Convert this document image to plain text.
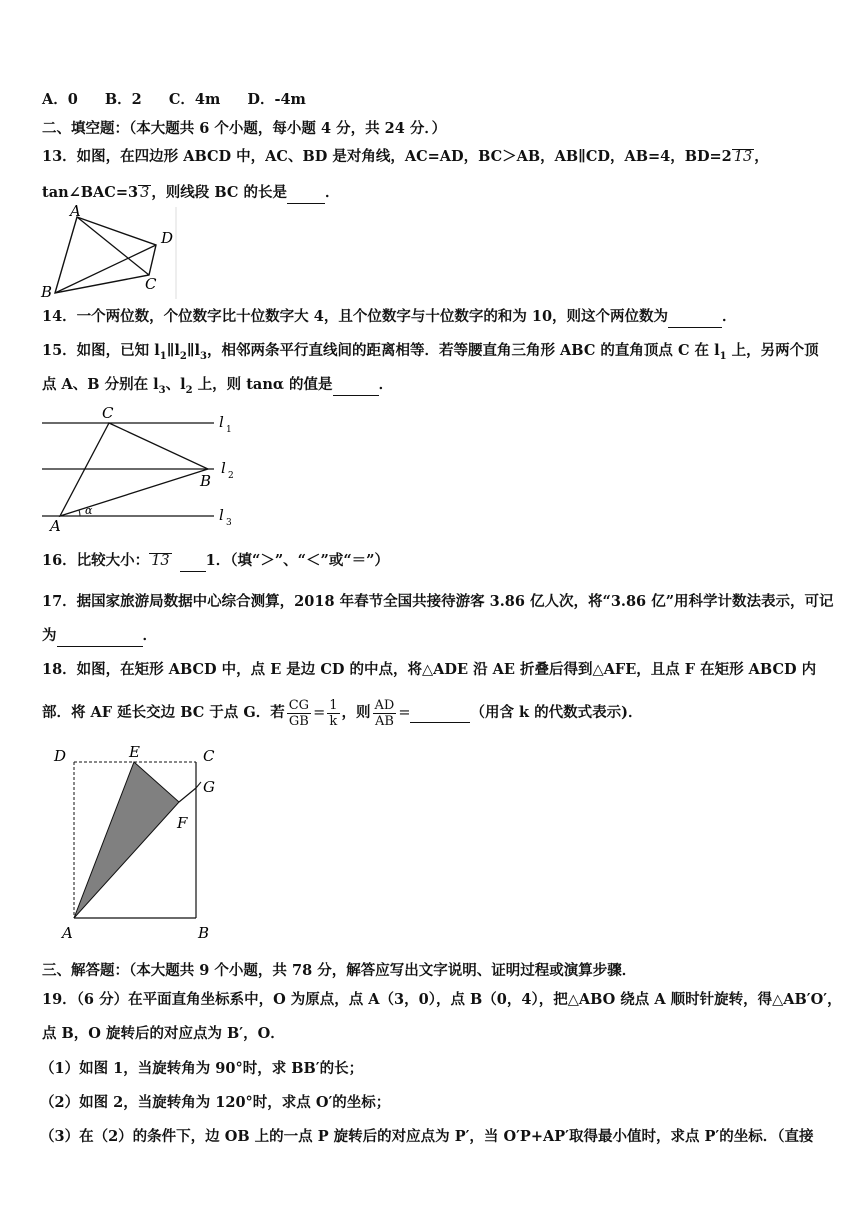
A．0 B．2 C．4m D．-4m
二、填空题：（本大题共 6 个小题，每小题 4 分，共 24 分．）
13．如图，在四边形 ABCD 中，AC、BD 是对角线，AC=AD，BC＞AB，AB∥CD，AB=4，BD=2 13 ，
tan∠BAC=3 3 ，则线段 BC 的长是	．
A
B	C
D
14．一个两位数，个位数字比十位数字大 4，且个位数字与十位数字的和为 10，则这个两位数为	．
15．如图，已知 $l_1\parallel l_2\parallel l_3$，相邻两条平行直线间的距离相等．若等腰直角三角形 ABC 的直角顶点 C 在 $l_1$ 上，另两个顶
点 A、B 分别在 $l_3$、$l_2$ 上，则 tanα 的值是	．
C
B
A
α
l 1
l 2
l 3
16．比较大小： 13 1．（填“＞”、“＜”或“＝”）
17．据国家旅游局数据中心综合测算，2018 年春节全国共接待游客 3.86 亿人次，将“3.86 亿”用科学计数法表示，可记
为	．
18．如图，在矩形 ABCD 中，点 E 是边 CD 的中点，将△ADE 沿 AE 折叠后得到△AFE，且点 F 在矩形 ABCD 内
部．将 AF 延长交边 BC 于点 G．若 $\frac{CG}{GB} = \frac{1}{k}$ ，则 $\frac{AD}{AB}$ =	（用含 k 的代数式表示)．
D	E	C
G
F
A	B
三、解答题：（本大题共 9 个小题，共 78 分，解答应写出文字说明、证明过程或演算步骤．
19．（6 分）在平面直角坐标系中，O 为原点，点 A（3，0），点 B（0，4），把△ABO 绕点 A 顺时针旋转，得△AB′O′，
点 B，O 旋转后的对应点为 B′，O．
（1）如图 1，当旋转角为 90°时，求 BB′的长；
（2）如图 2，当旋转角为 120°时，求点 O′的坐标；
（3）在（2）的条件下，边 OB 上的一点 P 旋转后的对应点为 P′，当 O′P+AP′取得最小值时，求点 P′的坐标．（直接
